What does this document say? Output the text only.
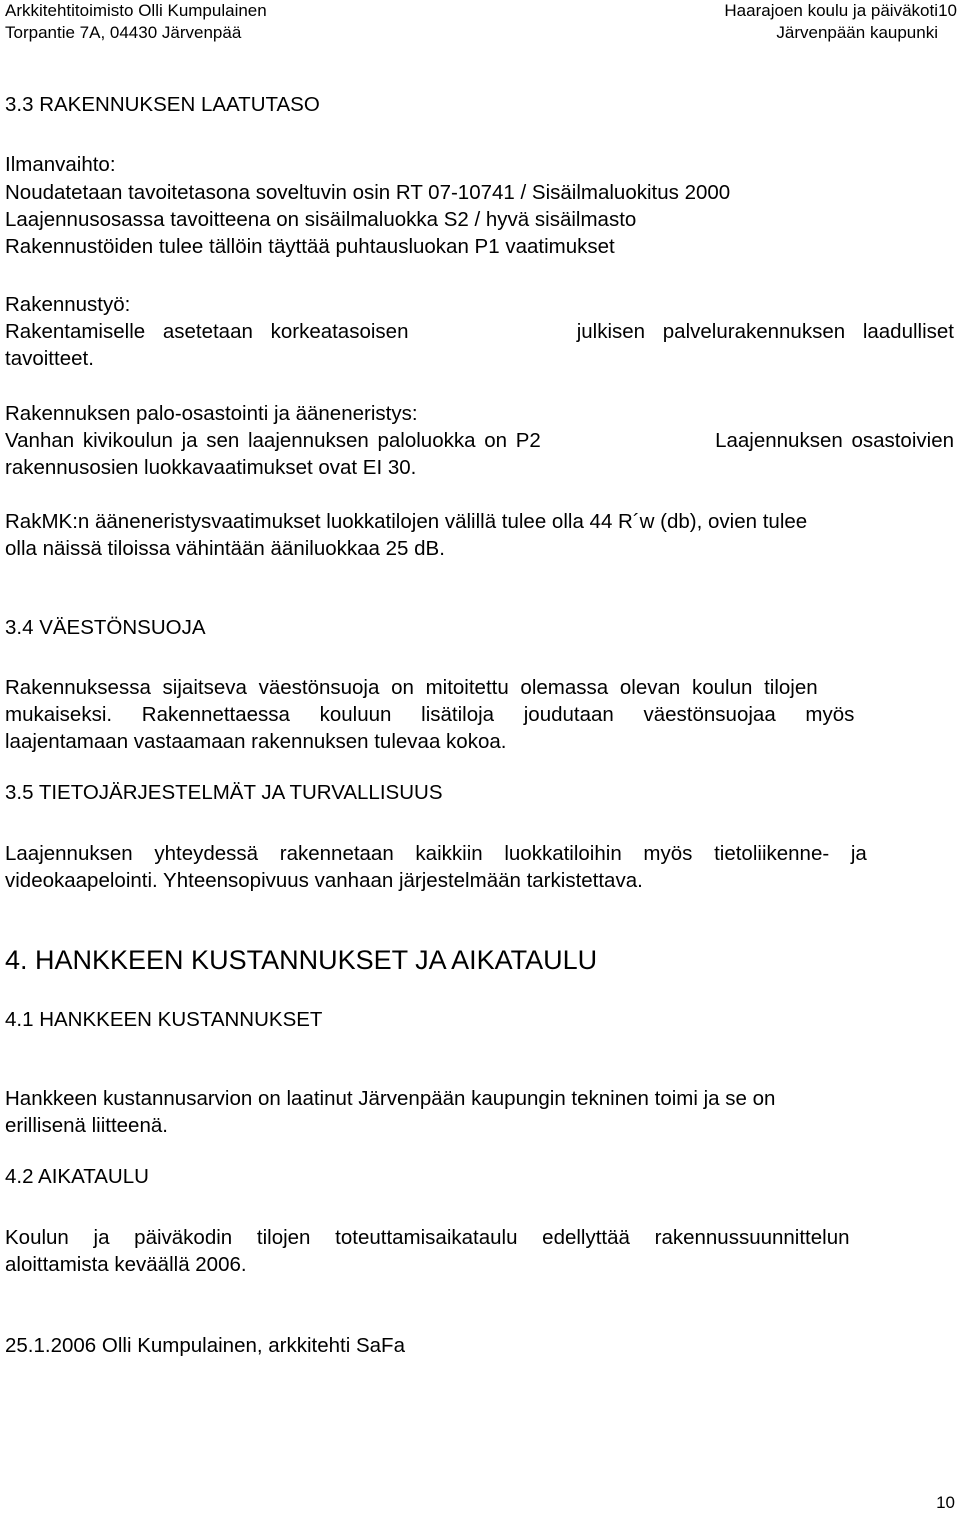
Arkkitehtitoimisto Olli Kumpulainen
Torpantie 7A, 04430 Järvenpää
Haarajoen koulu ja päiväkoti
Järvenpään kaupunki
10
3.3 RAKENNUKSEN LAATUTASO
Ilmanvaihto:
Noudatetaan tavoitetasona soveltuvin osin RT 07-10741 / Sisäilmaluokitus 2000
Laajennusosassa tavoitteena on sisäilmaluokka S2 / hyvä sisäilmasto
Rakennustöiden tulee tällöin täyttää puhtausluokan P1 vaatimukset
Rakennustyö:
Rakentamiselle asetetaan korkeatasoisen	julkisen palvelurakennuksen laadulliset
tavoitteet.
Rakennuksen palo-osastointi ja ääneneristys:
Vanhan kivikoulun ja sen laajennuksen paloluokka on P2	Laajennuksen osastoivien
rakennusosien luokkavaatimukset ovat EI 30.
RakMK:n ääneneristysvaatimukset luokkatilojen välillä tulee olla 44 R´w (db), ovien tulee
olla näissä tiloissa vähintään ääniluokkaa 25 dB.
3.4 VÄESTÖNSUOJA
Rakennuksessa sijaitseva väestönsuoja on mitoitettu olemassa olevan koulun tilojen
mukaiseksi. Rakennettaessa kouluun lisätiloja joudutaan väestönsuojaa myös
laajentamaan vastaamaan rakennuksen tulevaa kokoa.
3.5 TIETOJÄRJESTELMÄT JA TURVALLISUUS
Laajennuksen yhteydessä rakennetaan kaikkiin luokkatiloihin myös tietoliikenne- ja
videokaapelointi. Yhteensopivuus vanhaan järjestelmään tarkistettava.
4. HANKKEEN KUSTANNUKSET JA AIKATAULU
4.1 HANKKEEN KUSTANNUKSET
Hankkeen kustannusarvion on laatinut Järvenpään kaupungin tekninen toimi ja se on
erillisenä liitteenä.
4.2 AIKATAULU
Koulun ja päiväkodin tilojen toteuttamisaikataulu edellyttää rakennussuunnittelun
aloittamista keväällä 2006.
25.1.2006 Olli Kumpulainen, arkkitehti SaFa
10
